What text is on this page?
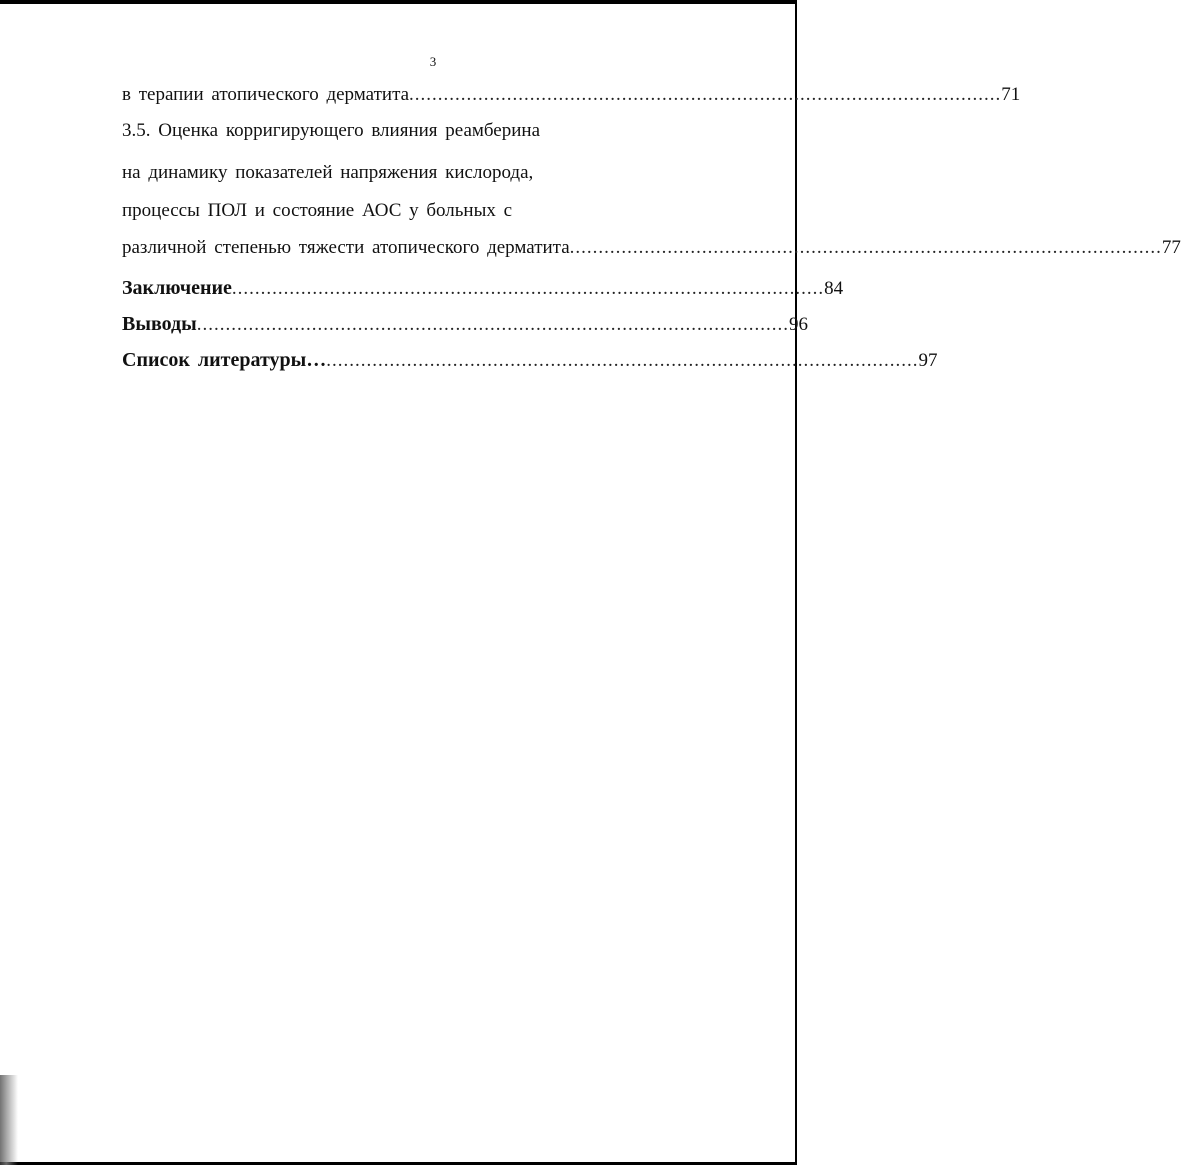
3
в терапии атопического дерматита ....................................................................................................... 71
3.5. Оценка корригирующего влияния реамберина
на динамику показателей напряжения кислорода,
процессы ПОЛ и состояние АОС у больных с
различной степенью тяжести атопического дерматита ....................................................................................................... 77
Заключение ....................................................................................................... 84
Выводы ....................................................................................................... 96
Список литературы… ....................................................................................................... 97
